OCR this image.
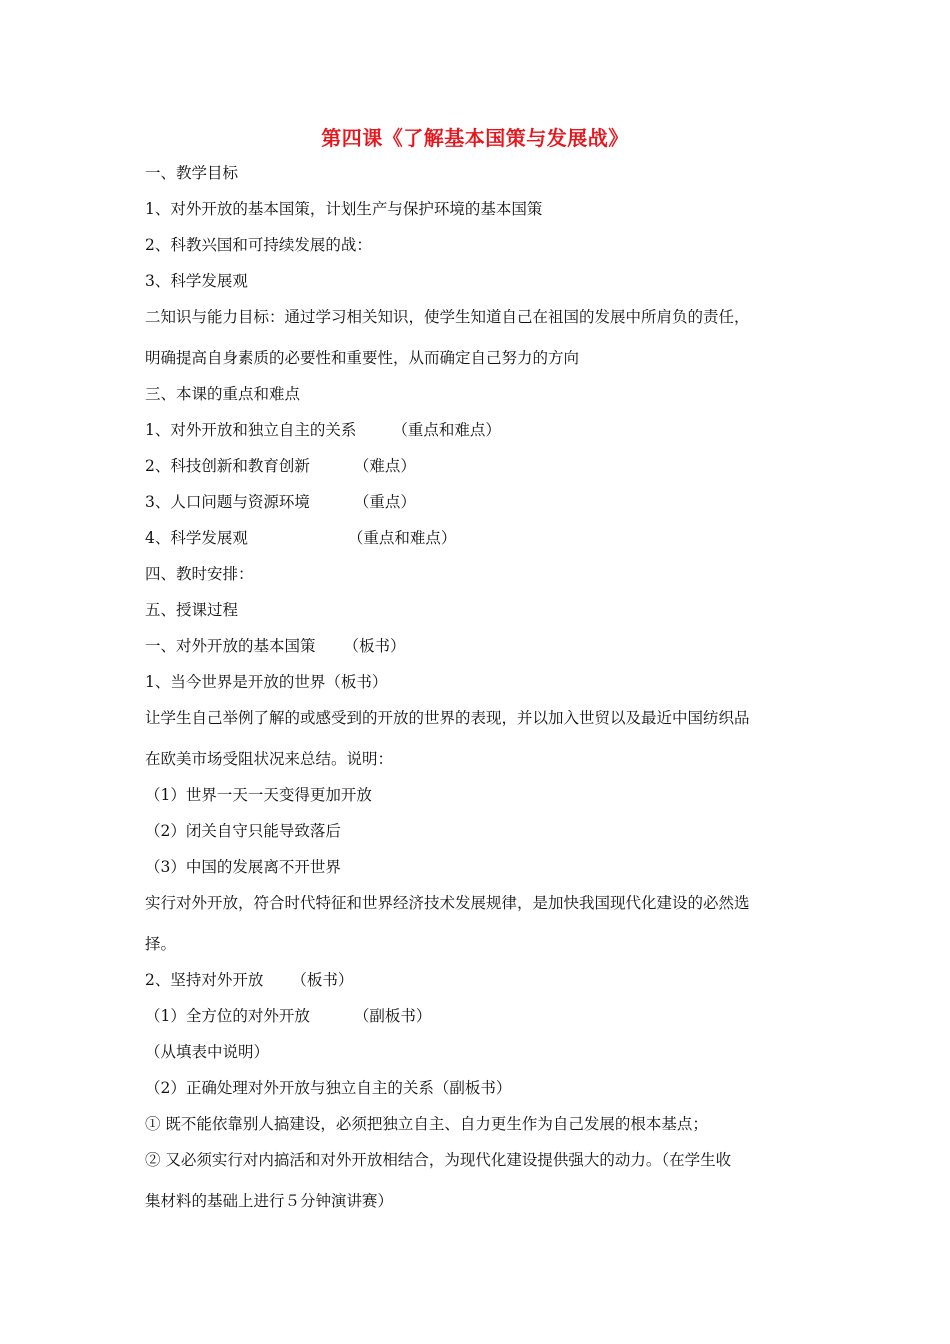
第四课《了解基本国策与发展战》
一、教学目标
1、对外开放的基本国策，计划生产与保护环境的基本国策
2、科教兴国和可持续发展的战：
3、科学发展观
二知识与能力目标：通过学习相关知识，使学生知道自己在祖国的发展中所肩负的责任，
明确提高自身素质的必要性和重要性，从而确定自己努力的方向
三、本课的重点和难点
1、对外开放和独立自主的关系 （重点和难点）
2、科技创新和教育创新	（难点）
3、人口问题与资源环境	（重点）
4、科学发展观	（重点和难点）
四、教时安排：
五、授课过程
一、对外开放的基本国策 （板书）
1、当今世界是开放的世界（板书）
让学生自己举例了解的或感受到的开放的世界的表现，并以加入世贸以及最近中国纺织品
在欧美市场受阻状况来总结。说明：
（1）世界一天一天变得更加开放
（2）闭关自守只能导致落后
（3）中国的发展离不开世界
实行对外开放，符合时代特征和世界经济技术发展规律，是加快我国现代化建设的必然选
择。
2、坚持对外开放 （板书）
（1）全方位的对外开放	（副板书）
（从填表中说明）
（2）正确处理对外开放与独立自主的关系（副板书）
① 既不能依靠别人搞建设，必须把独立自主、自力更生作为自己发展的根本基点；
② 又必须实行对内搞活和对外开放相结合，为现代化建设提供强大的动力。（在学生收
集材料的基础上进行５分钟演讲赛）
